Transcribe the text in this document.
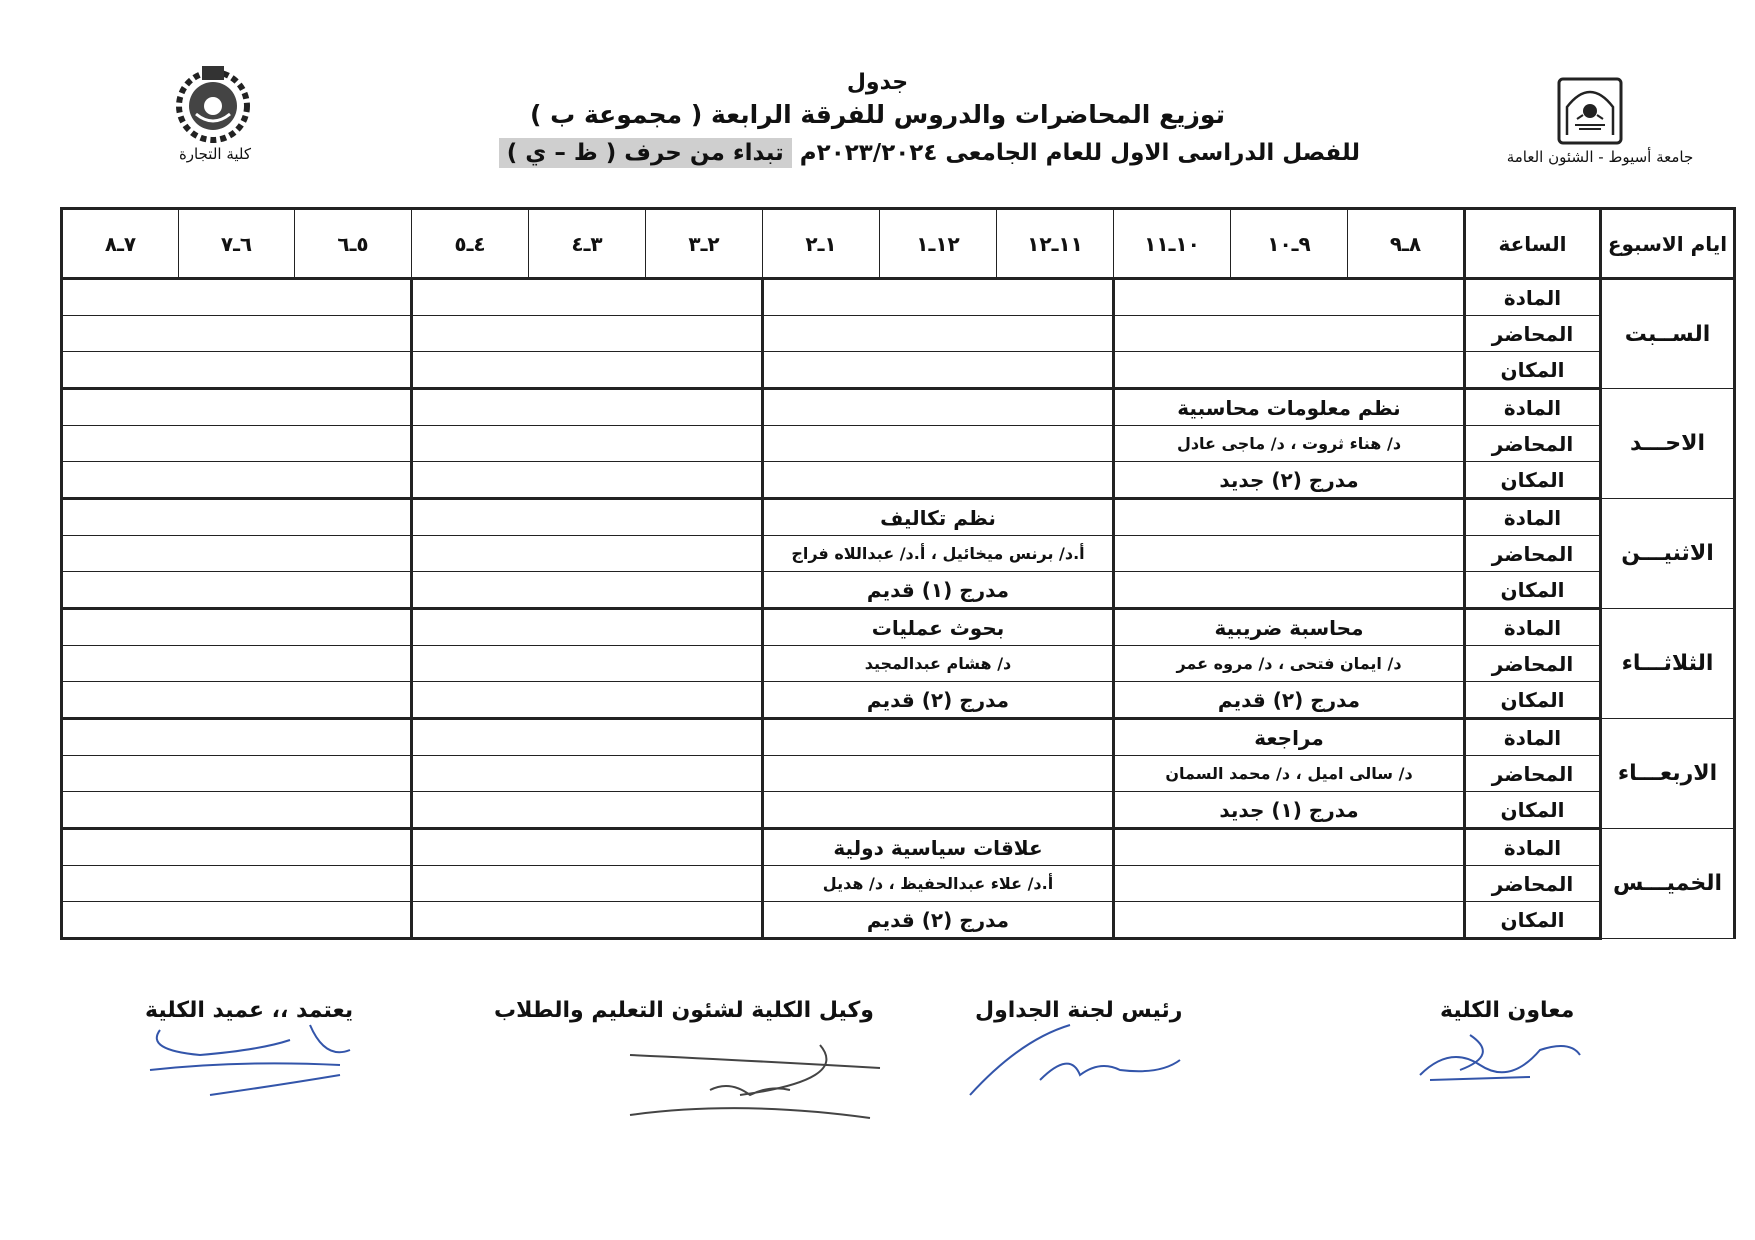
جدول
توزيع المحاضرات والدروس للفرقة الرابعة ( مجموعة ب )
للفصل الدراسى الاول للعام الجامعى ٢٠٢٣/٢٠٢٤م تبداء من حرف ( ظ – ي )	جامعة أسيوط - الشئون العامة
كلية التجارة
ايام الاسبوع	الساعة	٨ـ٩	٩ـ١٠	١٠ـ١١	١١ـ١٢	١٢ـ١	١ـ٢	٢ـ٣	٣ـ٤	٤ـ٥	٥ـ٦	٦ـ٧	٧ـ٨
الســبت	المادة												
	المحاضر												
	المكان												
الاحـــد	المادة	نظم معلومات محاسبية											
	المحاضر	د/ هناء ثروت ، د/ ماجى عادل											
	المكان	مدرج (٢) جديد											
الاثنيـــن	المادة				نظم تكاليف								
	المحاضر				أ.د/ برنس ميخائيل ، أ.د/ عبداللاه فراج								
	المكان				مدرج (١) قديم								
الثلاثـــاء	المادة	محاسبة ضريبية			بحوث عمليات								
	المحاضر	د/ ايمان فتحى ، د/ مروه عمر			د/ هشام عبدالمجيد								
	المكان	مدرج (٢) قديم			مدرج (٢) قديم								
الاربعـــاء	المادة	مراجعة											
	المحاضر	د/ سالى اميل ، د/ محمد السمان											
	المكان	مدرج (١) جديد											
الخميـــس	المادة				علاقات سياسية دولية								
	المحاضر				أ.د/ علاء عبدالحفيظ ، د/ هديل								
	المكان				مدرج (٢) قديم								
معاون الكلية
رئيس لجنة الجداول
وكيل الكلية لشئون التعليم والطلاب
يعتمد ،، عميد الكلية
